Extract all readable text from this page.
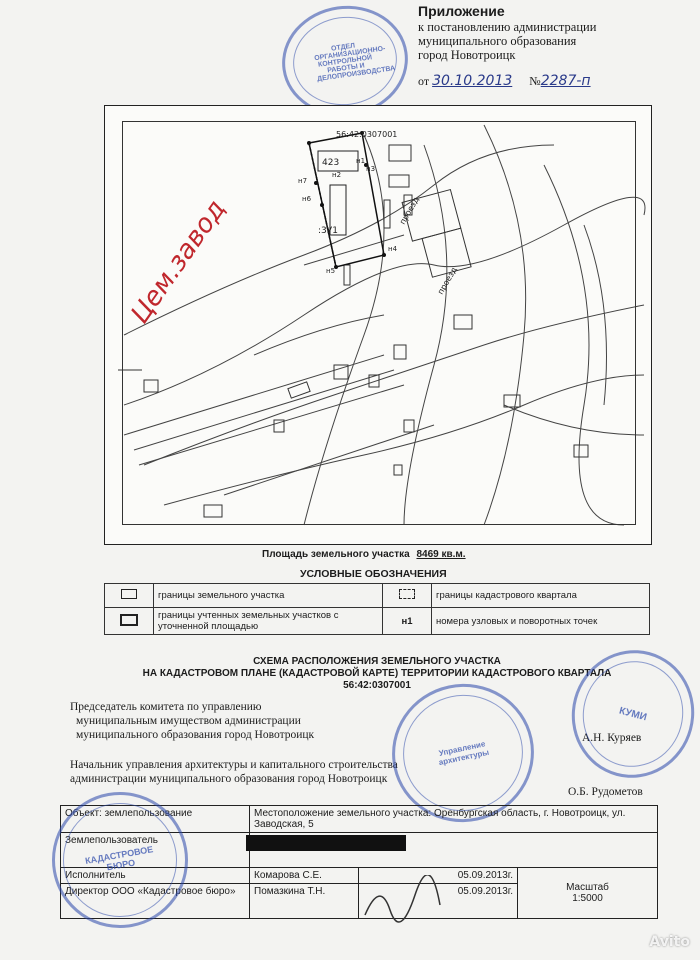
Приложение
к постановлению администрации
муниципального образования
город Новотроицк
от 30.10.2013 №2287-п
ОТДЕЛ ОРГАНИЗАЦИОННО-КОНТРОЛЬНОЙ РАБОТЫ И ДЕЛОПРОИЗВОДСТВА
56:42:0307001
423
:3У1
н1
н2
н3
н4
н5
н6
н7
проезд
проезд
Цем.завод
Площадь земельного участка 8469 кв.м.
УСЛОВНЫЕ ОБОЗНАЧЕНИЯ
	границы земельного участка		границы кадастрового квартала
	границы учтенных земельных участков с уточненной площадью	н1	номера узловых и поворотных точек
СХЕМА РАСПОЛОЖЕНИЯ ЗЕМЕЛЬНОГО УЧАСТКА
НА КАДАСТРОВОМ ПЛАНЕ (КАДАСТРОВОЙ КАРТЕ) ТЕРРИТОРИИ КАДАСТРОВОГО КВАРТАЛА
56:42:0307001
Председатель комитета по управлению
муниципальным имуществом администрации
муниципального образования город Новотроицк
Начальник управления архитектуры и капитального строительства
администрации муниципального образования город Новотроицк
А.Н. Куряев
О.Б. Рудометов
Управление архитектуры
КУМИ
Объект: землепользование	Местоположение земельного участка: Оренбургская область, г. Новотроицк, ул. Заводская, 5		
Землепользователь			
Исполнитель	Комарова С.Е.	05.09.2013г.	Масштаб
1:5000

Директор ООО «Кадастровое бюро»	Помазкина Т.Н.	05.09.2013г.	
КАДАСТРОВОЕ БЮРО
Avito
